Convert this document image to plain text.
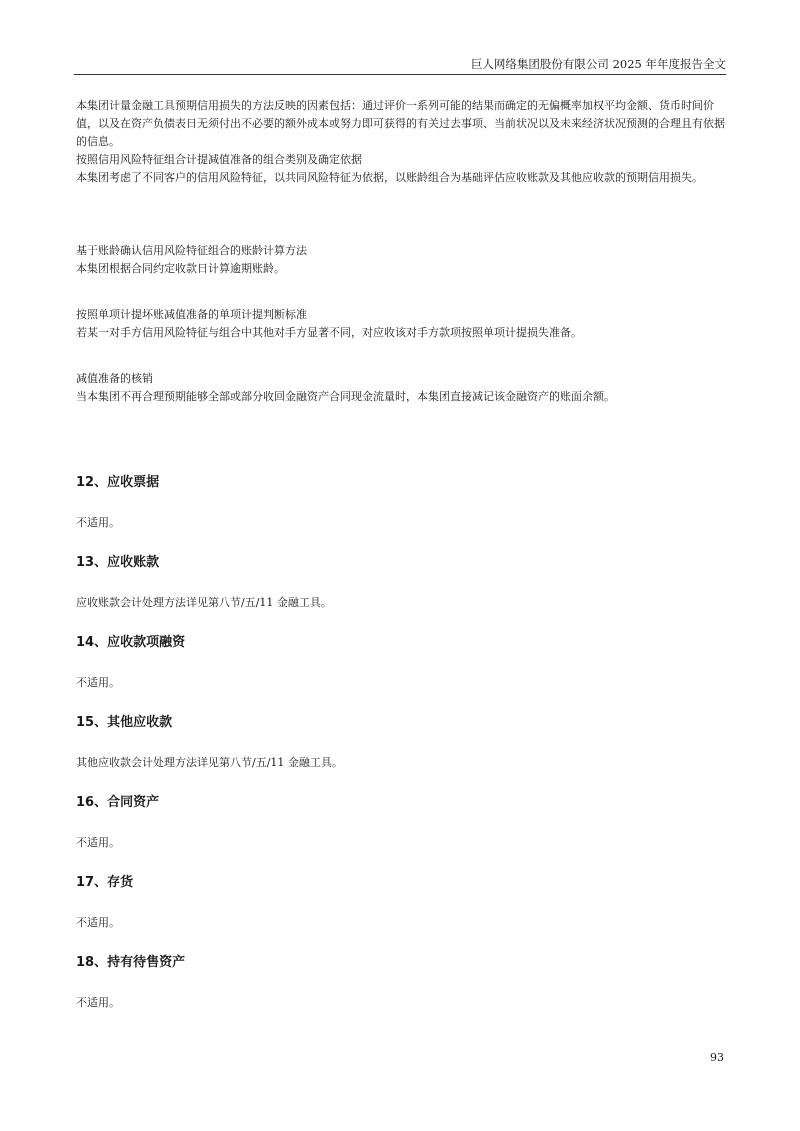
巨人网络集团股份有限公司 2025 年年度报告全文

本集团计量金融工具预期信用损失的方法反映的因素包括：通过评价一系列可能的结果而确定的无偏概率加权平均金额、货币时间价值，以及在资产负债表日无须付出不必要的额外成本或努力即可获得的有关过去事项、当前状况以及未来经济状况预测的合理且有依据的信息。

按照信用风险特征组合计提减值准备的组合类别及确定依据

本集团考虑了不同客户的信用风险特征，以共同风险特征为依据，以账龄组合为基础评估应收账款及其他应收款的预期信用损失。

基于账龄确认信用风险特征组合的账龄计算方法

本集团根据合同约定收款日计算逾期账龄。

按照单项计提坏账减值准备的单项计提判断标准

若某一对手方信用风险特征与组合中其他对手方显著不同，对应收该对手方款项按照单项计提损失准备。

减值准备的核销

当本集团不再合理预期能够全部或部分收回金融资产合同现金流量时，本集团直接减记该金融资产的账面余额。

12、应收票据

不适用。

13、应收账款

应收账款会计处理方法详见第八节/五/11 金融工具。

14、应收款项融资

不适用。

15、其他应收款

其他应收款会计处理方法详见第八节/五/11 金融工具。

16、合同资产

不适用。

17、存货

不适用。

18、持有待售资产

不适用。

93
